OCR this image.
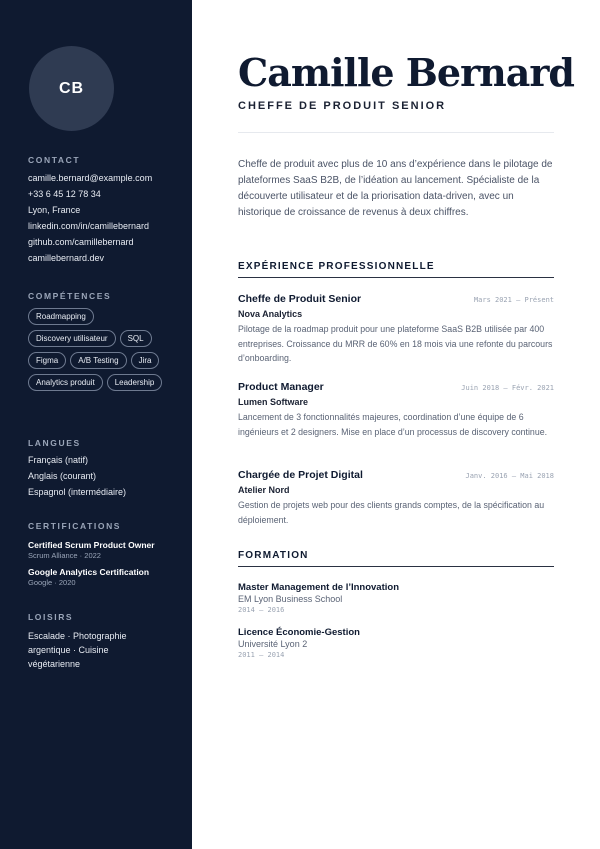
CB
CONTACT
camille.bernard@example.com
+33 6 45 12 78 34
Lyon, France
linkedin.com/in/camillebernard
github.com/camillebernard
camillebernard.dev
COMPÉTENCES
Roadmapping
Discovery utilisateur	SQL
Figma	A/B Testing	Jira
Analytics produit	Leadership
LANGUES
Français (natif)
Anglais (courant)
Espagnol (intermédiaire)
CERTIFICATIONS
Certified Scrum Product Owner
Scrum Alliance · 2022
Google Analytics Certification
Google · 2020
LOISIRS
Escalade · Photographie
argentique · Cuisine
végétarienne
Camille Bernard
CHEFFE DE PRODUIT SENIOR

Cheffe de produit avec plus de 10 ans d’expérience dans le pilotage de plateformes SaaS B2B, de l’idéation au lancement. Spécialiste de la découverte utilisateur et de la priorisation data-driven, avec un historique de croissance de revenus à deux chiffres.

EXPÉRIENCE PROFESSIONNELLE
Cheffe de Produit Senior	Mars 2021 — Présent
Nova Analytics
Pilotage de la roadmap produit pour une plateforme SaaS B2B utilisée par 400 entreprises. Croissance du MRR de 60% en 18 mois via une refonte du parcours d’onboarding.
Product Manager	Juin 2018 — Févr. 2021
Lumen Software
Lancement de 3 fonctionnalités majeures, coordination d’une équipe de 6 ingénieurs et 2 designers. Mise en place d’un processus de discovery continue.
Chargée de Projet Digital	Janv. 2016 — Mai 2018
Atelier Nord
Gestion de projets web pour des clients grands comptes, de la spécification au déploiement.
FORMATION
Master Management de l’Innovation
EM Lyon Business School
2014 — 2016
Licence Économie-Gestion
Université Lyon 2
2011 — 2014
